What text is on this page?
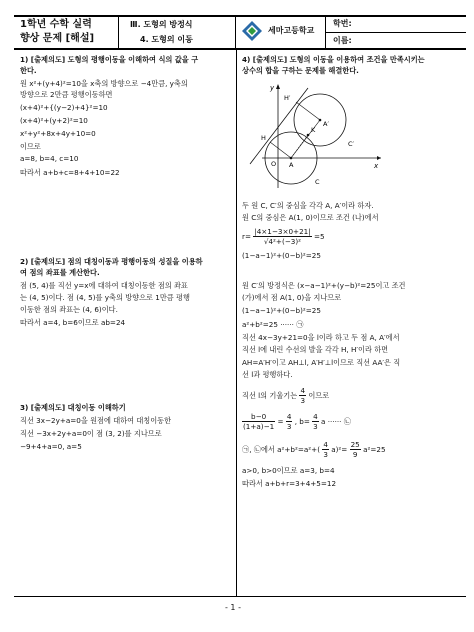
1학년 수학 실력
향상 문제 [해설]
Ⅲ. 도형의 방정식
4. 도형의 이동
세마고등학교
학번:
이름:
1) [출제의도] 도형의 평행이동을 이해하여 식의 값을 구
한다.
원 x²+(y+4)²=10을 x축의 방향으로 −4만큼, y축의
방향으로 2만큼 평행이동하면
(x+4)²+{(y−2)+4}²=10
(x+4)²+(y+2)²=10
x²+y²+8x+4y+10=0
이므로
a=8, b=4, c=10
따라서 a+b+c=8+4+10=22
2) [출제의도] 점의 대칭이동과 평행이동의 성질을 이용하
여 점의 좌표를 계산한다.
점 (5, 4)를 직선 y=x에 대하여 대칭이동한 점의 좌표
는 (4, 5)이다. 점 (4, 5)를 y축의 방향으로 1만큼 평행
이동한 점의 좌표는 (4, 6)이다.
따라서 a=4, b=6이므로 ab=24
3) [출제의도] 대칭이동 이해하기
직선 3x−2y+a=0을 원점에 대하여 대칭이동한
직선 −3x+2y+a=0이 점 (3, 2)를 지나므로
−9+4+a=0, a=5
4) [출제의도] 도형의 이동을 이용하여 조건을 만족시키는
상수의 합을 구하는 문제를 해결한다.
y
x
H′
H
A′
C′
K
O A
C
두 원 C, C′의 중심을 각각 A, A′이라 하자.
원 C의 중심은 A(1, 0)이므로 조건 (나)에서
$r= \frac{|4\times 1-3\times 0+21|}{\text{√4²+(−3)²}} =5$
(1−a−1)²+(0−b)²=25
원 C′의 방정식은 (x−a−1)²+(y−b)²=25이고 조건
(가)에서 점 A(1, 0)을 지나므로
(1−a−1)²+(0−b)²=25
a²+b²=25 ······ ㉠
직선 4x−3y+21=0을 l이라 하고 두 점 A, A′에서
직선 l에 내린 수선의 발을 각각 H, H′이라 하면
AH=A′H′이고 AH⊥l, A′H′⊥l이므로 직선 AA′은 직
선 l과 평행하다.
직선 l의 기울기는 $\frac{4}{3}$ 이므로
$\frac{b-0}{(1+a)-1} = \frac{4}{3}$ , $b= \frac{4}{3}$ a ······ ㉡
㉠, ㉡에서 $a^2+b^2=a^2+( \frac{4}{3} a)^2= \frac{25}{9} a^2=25$
a>0, b>0이므로 a=3, b=4
따라서 a+b+r=3+4+5=12
- 1 -
